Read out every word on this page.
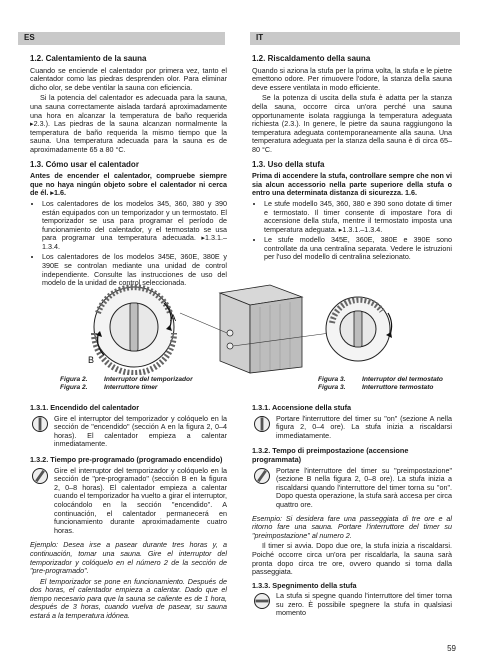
ES	IT
1.2. Calentamiento de la sauna

Cuando se enciende el calentador por primera vez, tanto el calentador como las piedras desprenden olor. Para eliminar dicho olor, se debe ventilar la sauna con eficiencia.

Si la potencia del calentador es adecuada para la sauna, una sauna correctamente aislada tardará aproximadamente una hora en alcanzar la temperatura de baño requerida ▸2.3.). Las piedras de la sauna alcanzan normalmente la temperatura de baño requerida la mismo tiempo que la sauna. Una temperatura adecuada para la sauna es de aproximadamente 65 a 80 °C.

1.3. Cómo usar el calentador

Antes de encender el calentador, compruebe siempre que no haya ningún objeto sobre el calentador ni cerca de él. ▸1.6.

• Los calentadores de los modelos 345, 360, 380 y 390 están equipados con un temporizador y un termostato. El temporizador se usa para programar el período de funcionamiento del calentador, y el termostato se usa para programar una temperatura adecuada. ▸1.3.1.–1.3.4.
• Los calentadores de los modelos 345E, 360E, 380E y 390E se controlan mediante una unidad de control independiente. Consulte las instrucciones de uso del modelo de la unidad de control seleccionada.
1.2. Riscaldamento della sauna

Quando si aziona la stufa per la prima volta, la stufa e le pietre emettono odore. Per rimuovere l'odore, la stanza della sauna deve essere ventilata in modo efficiente.

Se la potenza di uscita della stufa è adatta per la stanza della sauna, occorre circa un'ora perché una sauna opportunamente isolata raggiunga la temperatura adeguata richiesta (2.3.). In genere, le pietre da sauna raggiungono la temperatura adeguata contemporaneamente alla sauna. Una temperatura adeguata per la stanza della sauna è di circa 65–80 °C.

1.3. Uso della stufa

Prima di accendere la stufa, controllare sempre che non vi sia alcun accessorio nella parte superiore della stufa o entro una determinata distanza di sicurezza. 1.6.

• Le stufe modello 345, 360, 380 e 390 sono dotate di timer e termostato. Il timer consente di impostare l'ora di accensione della stufa, mentre il termostato imposta una temperatura adeguata. ▸1.3.1.–1.3.4.
• Le stufe modello 345E, 360E, 380E e 390E sono controllate da una centralina separata. Vedere le istruzioni per l'uso del modello di centralina selezionato.
A
B
Figura 2.	Interruptor del temporizador
Figura 2.	Interruttore timer
Figura 3.	Interruptor del termostato
Figura 3.	Interruttore termostato
1.3.1. Encendido del calentador

Gire el interruptor del temporizador y colóquelo en la sección de "encendido" (sección A en la figura 2, 0–4 horas). El calentador empieza a calentar inmediatamente.

1.3.2. Tiempo pre-programado (programado encendido)

Gire el interruptor del temporizador y colóquelo en la sección de "pre-programado" (sección B en la figura 2, 0–8 horas). El calentador empieza a calentar cuando el temporizador ha vuelto a girar el interruptor, colocándolo en la sección "encendido". A continuación, el calentador permanecerá en funcionamiento durante aproximadamente cuatro horas.

Ejemplo: Desea irse a pasear durante tres horas y, a continuación, tomar una sauna. Gire el interruptor del temporizador y colóquelo en el número 2 de la sección de "pre-programado".

El temporizador se pone en funcionamiento. Después de dos horas, el calentador empieza a calentar. Dado que el tiempo necesario para que la sauna se caliente es de 1 hora, después de 3 horas, cuando vuelva de pasear, su sauna estará a la temperatura idónea.

1.3.1. Accensione della stufa

Portare l'interruttore del timer su "on" (sezione A nella figura 2, 0–4 ore). La stufa inizia a riscaldarsi immediatamente.

1.3.2. Tempo di preimpostazione (accensione programmata)

Portare l'interruttore del timer su "preimpostazione" (sezione B nella figura 2, 0–8 ore). La stufa inizia a riscaldarsi quando l'interruttore del timer torna su "on". Dopo questa operazione, la stufa sarà accesa per circa quattro ore.

Esempio: Si desidera fare una passeggiata di tre ore e al ritorno fare una sauna. Portare l'interruttore del timer su "preimpostazione" al numero 2.

Il timer si avvia. Dopo due ore, la stufa inizia a riscaldarsi. Poiché occorre circa un'ora per riscaldarla, la sauna sarà pronta dopo circa tre ore, ovvero quando si torna dalla passeggiata.

1.3.3. Spegnimento della stufa

La stufa si spegne quando l'interruttore del timer torna su zero. È possibile spegnere la stufa in qualsiasi momento

59
